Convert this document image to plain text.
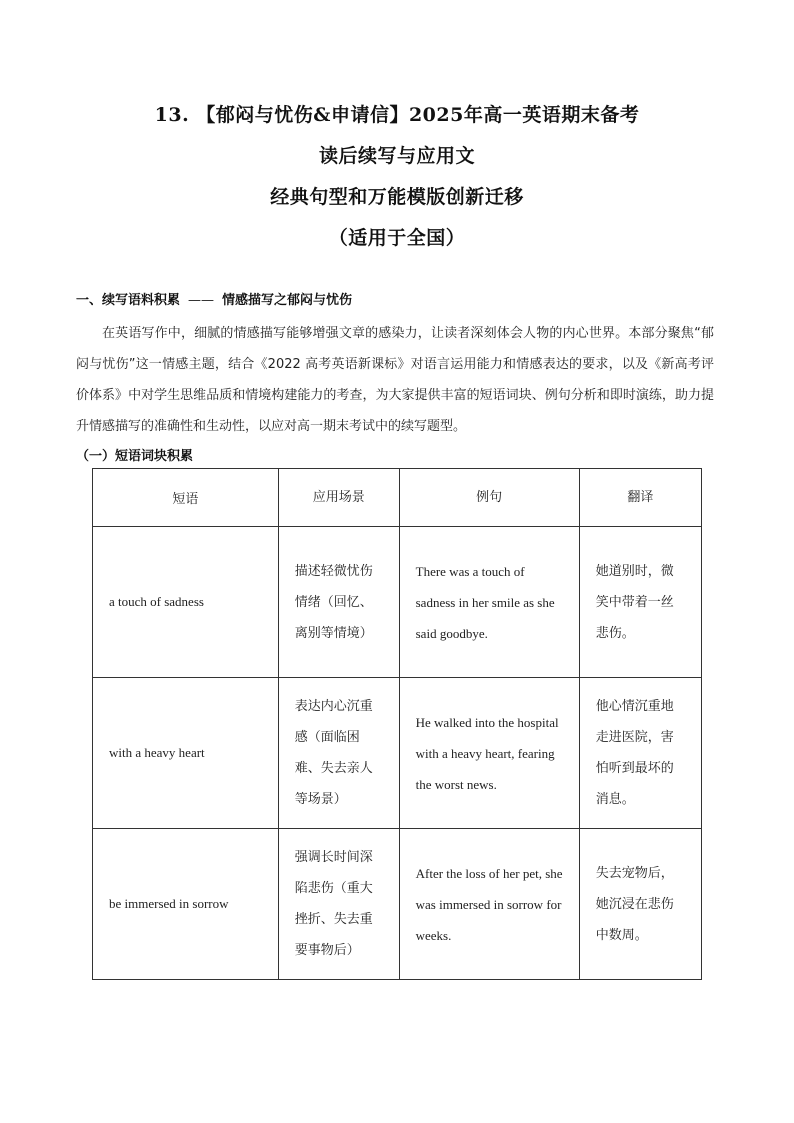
13. 【郁闷与忧伤&申请信】2025年高一英语期末备考
读后续写与应用文
经典句型和万能模版创新迁移
（适用于全国）
一、续写语料积累 —— 情感描写之郁闷与忧伤
在英语写作中，细腻的情感描写能够增强文章的感染力，让读者深刻体会人物的内心世界。本部分聚焦“郁闷与忧伤”这一情感主题，结合《2022 高考英语新课标》对语言运用能力和情感表达的要求，以及《新高考评价体系》中对学生思维品质和情境构建能力的考查，为大家提供丰富的短语词块、例句分析和即时演练，助力提升情感描写的准确性和生动性，以应对高一期末考试中的续写题型。
（一）短语词块积累
短语	应用场景	例句	翻译
a touch of sadness	描述轻微忧伤情绪（回忆、离别等情境）	There was a touch of sadness in her smile as she said goodbye.	她道别时，微笑中带着一丝悲伤。
with a heavy heart	表达内心沉重感（面临困难、失去亲人等场景）	He walked into the hospital with a heavy heart, fearing the worst news.	他心情沉重地走进医院，害怕听到最坏的消息。
be immersed in sorrow	强调长时间深陷悲伤（重大挫折、失去重要事物后）	After the loss of her pet, she was immersed in sorrow for weeks.	失去宠物后，她沉浸在悲伤中数周。
